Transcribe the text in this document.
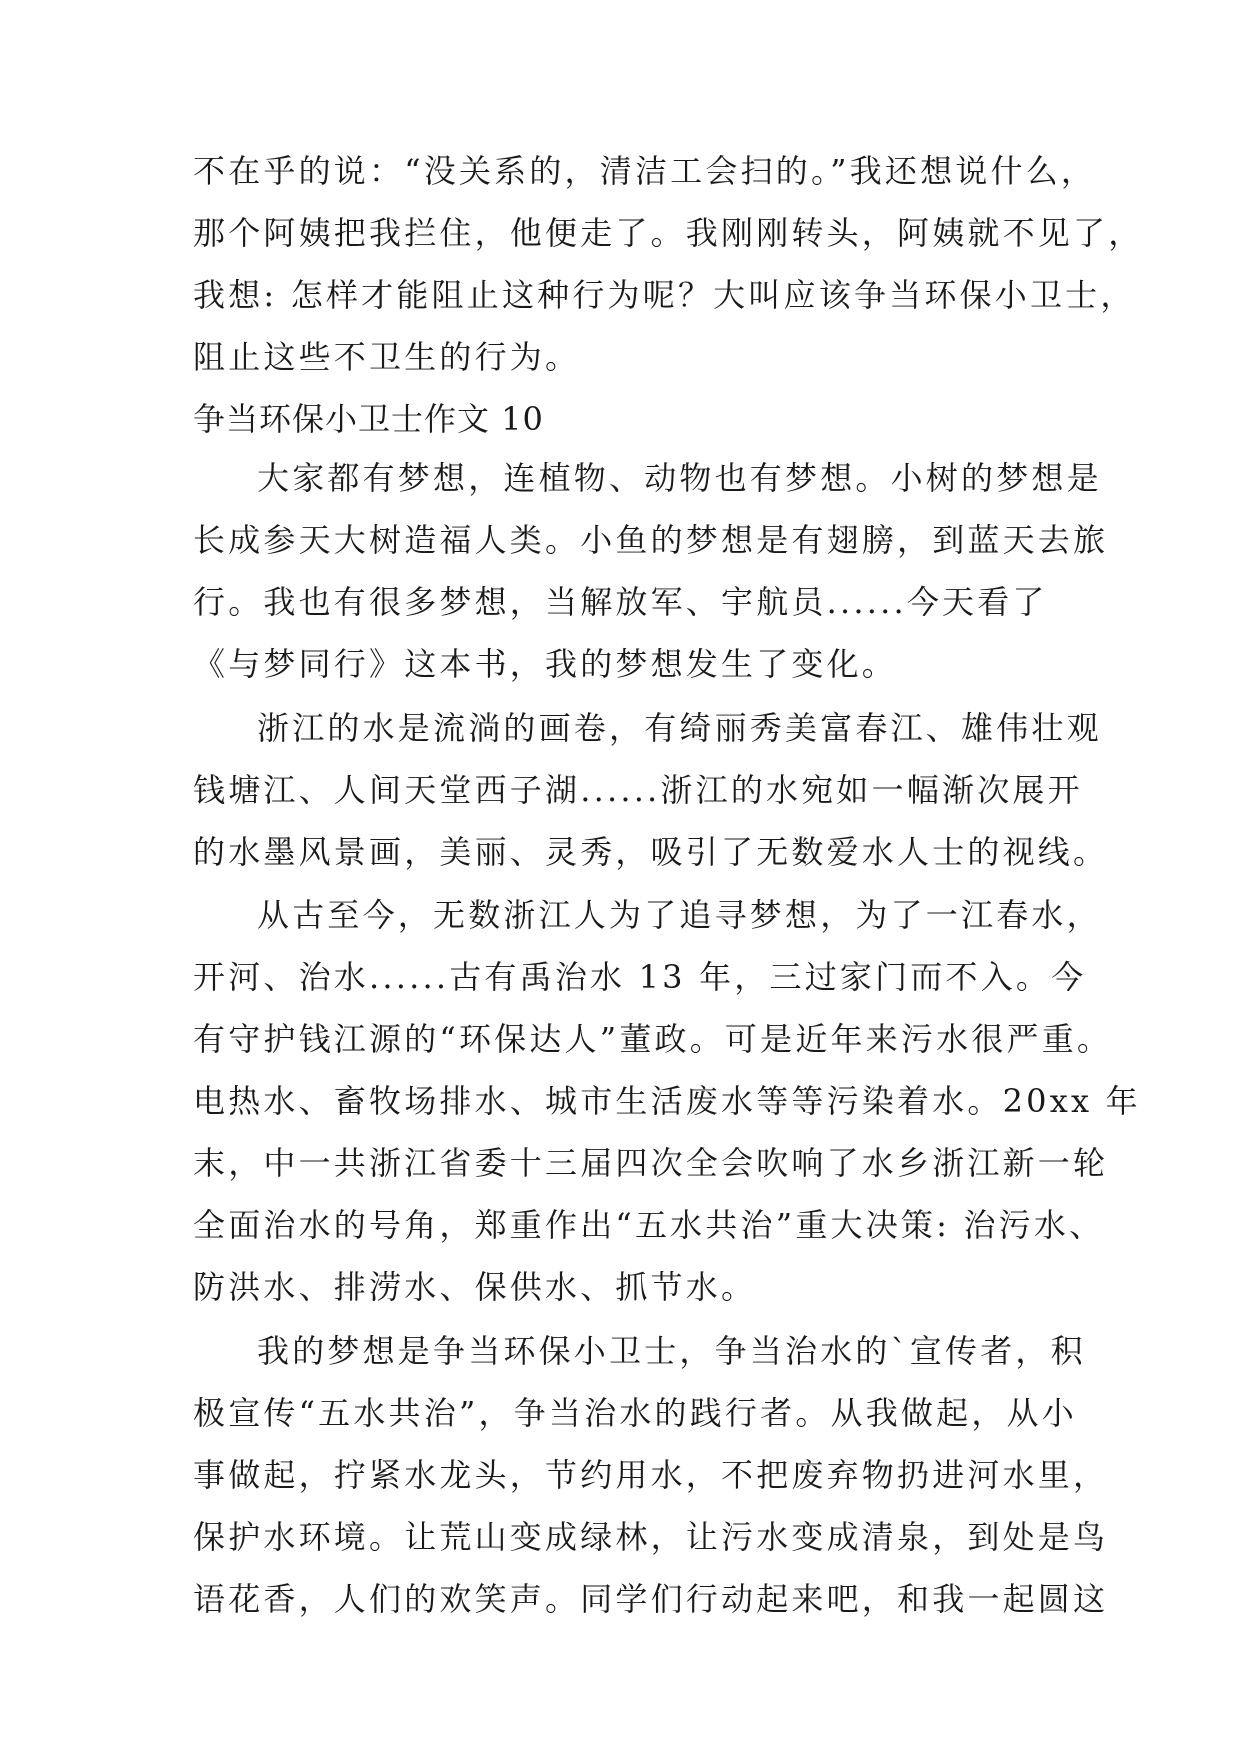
不在乎的说：“没关系的，清洁工会扫的。”我还想说什么，
那个阿姨把我拦住，他便走了。我刚刚转头，阿姨就不见了，
我想: 怎样才能阻止这种行为呢？大叫应该争当环保小卫士，
阻止这些不卫生的行为。
争当环保小卫士作文 10
大家都有梦想，连植物、动物也有梦想。小树的梦想是
长成参天大树造福人类。小鱼的梦想是有翅膀，到蓝天去旅
行。我也有很多梦想，当解放军、宇航员......今天看了
《与梦同行》这本书，我的梦想发生了变化。
浙江的水是流淌的画卷，有绮丽秀美富春江、雄伟壮观
钱塘江、人间天堂西子湖......浙江的水宛如一幅渐次展开
的水墨风景画，美丽、灵秀，吸引了无数爱水人士的视线。
从古至今，无数浙江人为了追寻梦想，为了一江春水，
开河、治水......古有禹治水 13 年，三过家门而不入。今
有守护钱江源的“环保达人”董政。可是近年来污水很严重。
电热水、畜牧场排水、城市生活废水等等污染着水。20xx 年
末，中一共浙江省委十三届四次全会吹响了水乡浙江新一轮
全面治水的号角，郑重作出“五水共治”重大决策: 治污水、
防洪水、排涝水、保供水、抓节水。
我的梦想是争当环保小卫士，争当治水的`宣传者，积
极宣传“五水共治”，争当治水的践行者。从我做起，从小
事做起，拧紧水龙头，节约用水，不把废弃物扔进河水里，
保护水环境。让荒山变成绿林，让污水变成清泉，到处是鸟
语花香，人们的欢笑声。同学们行动起来吧，和我一起圆这
